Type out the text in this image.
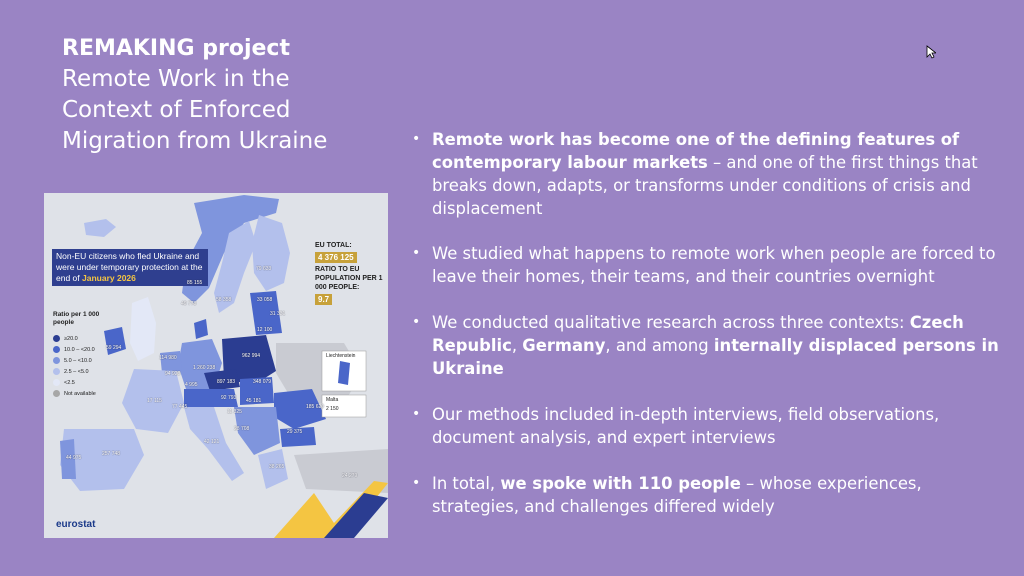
REMAKING project
Remote Work in the
Context of Enforced
Migration from Ukraine
Non-EU citizens who fled Ukraine and were under temporary protection at the end of January 2026
Ratio per 1 000 people
≥20.0
10.0 – <20.0
5.0 – <10.0
2.5 – <5.0
<2.5
Not available
EU TOTAL:
4 376 125
RATIO TO EU POPULATION PER 1 000 PEOPLE:
9.7
Liechtenstein
Malta
2 150
79 633
85 155
58 358	33 058
31 331
49 778
12 100
59 294
962 994
114 980
1 260 238
94 923
897 183
4 995	348 079
17 115
77 445
92 793 45 181
185 620
11 325
28 708	29 375
42 121
257 748
44 975
38 265
24 279
eurostat
• Remote work has become one of the defining features of contemporary labour markets – and one of the first things that breaks down, adapts, or transforms under conditions of crisis and displacement
• We studied what happens to remote work when people are forced to leave their homes, their teams, and their countries overnight
• We conducted qualitative research across three contexts: Czech Republic, Germany, and among internally displaced persons in Ukraine
• Our methods included in-depth interviews, field observations, document analysis, and expert interviews
• In total, we spoke with 110 people – whose experiences, strategies, and challenges differed widely
